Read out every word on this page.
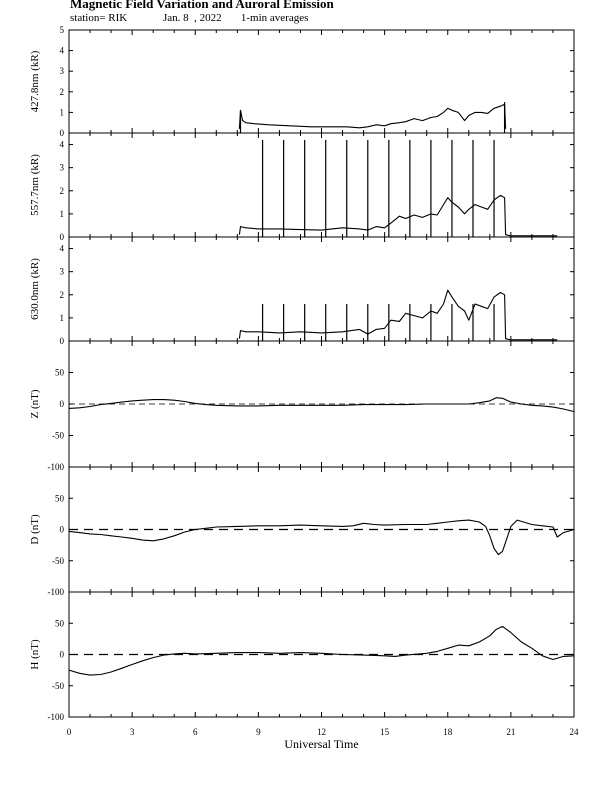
Magnetic Field Variation and Auroral Emission
station= RIK             Jan. 8  , 2022       1-min averages
0
1
2
3
4
5
427.8nm (kR)
0
1
2
3
4
557.7nm (kR)
0
1
2
3
4
630.0nm (kR)
-100
-50
0
50
Z (nT)
-100
-50
0
50
D (nT)
-100
-50
0
50
H (nT)
0	3	6	9	12	15	18	21	24
Universal Time
